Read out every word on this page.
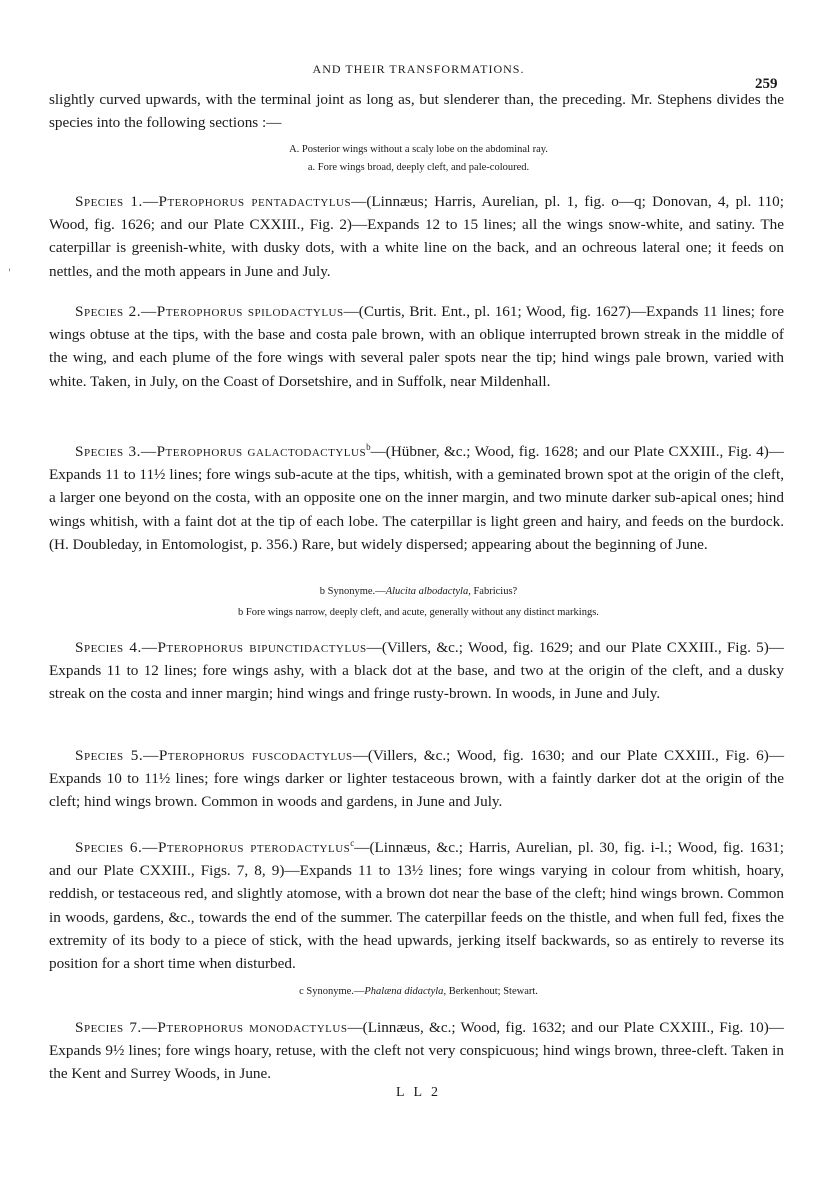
AND THEIR TRANSFORMATIONS.
259

slightly curved upwards, with the terminal joint as long as, but slenderer than, the preceding. Mr. Stephens divides the species into the following sections :—

A. Posterior wings without a scaly lobe on the abdominal ray.
a. Fore wings broad, deeply cleft, and pale-coloured.

Species 1.—Pterophorus pentadactylus—(Linnæus; Harris, Aurelian, pl. 1, fig. o—q; Donovan, 4, pl. 110; Wood, fig. 1626; and our Plate CXXIII., Fig. 2)—Expands 12 to 15 lines; all the wings snow-white, and satiny. The caterpillar is greenish-white, with dusky dots, with a white line on the back, and an ochreous lateral one; it feeds on nettles, and the moth appears in June and July.

Species 2.—Pterophorus spilodactylus—(Curtis, Brit. Ent., pl. 161; Wood, fig. 1627)—Expands 11 lines; fore wings obtuse at the tips, with the base and costa pale brown, with an oblique interrupted brown streak in the middle of the wing, and each plume of the fore wings with several paler spots near the tip; hind wings pale brown, varied with white. Taken, in July, on the Coast of Dorsetshire, and in Suffolk, near Mildenhall.

Species 3.—Pterophorus galactodactylus$^b$—(Hübner, &c.; Wood, fig. 1628; and our Plate CXXIII., Fig. 4)—Expands 11 to 11½ lines; fore wings sub-acute at the tips, whitish, with a geminated brown spot at the origin of the cleft, a larger one beyond on the costa, with an opposite one on the inner margin, and two minute darker sub-apical ones; hind wings whitish, with a faint dot at the tip of each lobe. The caterpillar is light green and hairy, and feeds on the burdock. (H. Doubleday, in Entomologist, p. 356.) Rare, but widely dispersed; appearing about the beginning of June.

b Synonyme.—Alucita albodactyla, Fabricius?
b Fore wings narrow, deeply cleft, and acute, generally without any distinct markings.

Species 4.—Pterophorus bipunctidactylus—(Villers, &c.; Wood, fig. 1629; and our Plate CXXIII., Fig. 5)—Expands 11 to 12 lines; fore wings ashy, with a black dot at the base, and two at the origin of the cleft, and a dusky streak on the costa and inner margin; hind wings and fringe rusty-brown. In woods, in June and July.

Species 5.—Pterophorus fuscodactylus—(Villers, &c.; Wood, fig. 1630; and our Plate CXXIII., Fig. 6)—Expands 10 to 11½ lines; fore wings darker or lighter testaceous brown, with a faintly darker dot at the origin of the cleft; hind wings brown. Common in woods and gardens, in June and July.

Species 6.—Pterophorus pterodactylus$^c$—(Linnæus, &c.; Harris, Aurelian, pl. 30, fig. i-l.; Wood, fig. 1631; and our Plate CXXIII., Figs. 7, 8, 9)—Expands 11 to 13½ lines; fore wings varying in colour from whitish, hoary, reddish, or testaceous red, and slightly atomose, with a brown dot near the base of the cleft; hind wings brown. Common in woods, gardens, &c., towards the end of the summer. The caterpillar feeds on the thistle, and when full fed, fixes the extremity of its body to a piece of stick, with the head upwards, jerking itself backwards, so as entirely to reverse its position for a short time when disturbed.

c Synonyme.—Phalæna didactyla, Berkenhout; Stewart.

Species 7.—Pterophorus monodactylus—(Linnæus, &c.; Wood, fig. 1632; and our Plate CXXIII., Fig. 10)—Expands 9½ lines; fore wings hoary, retuse, with the cleft not very conspicuous; hind wings brown, three-cleft. Taken in the Kent and Surrey Woods, in June.

L L 2
'
